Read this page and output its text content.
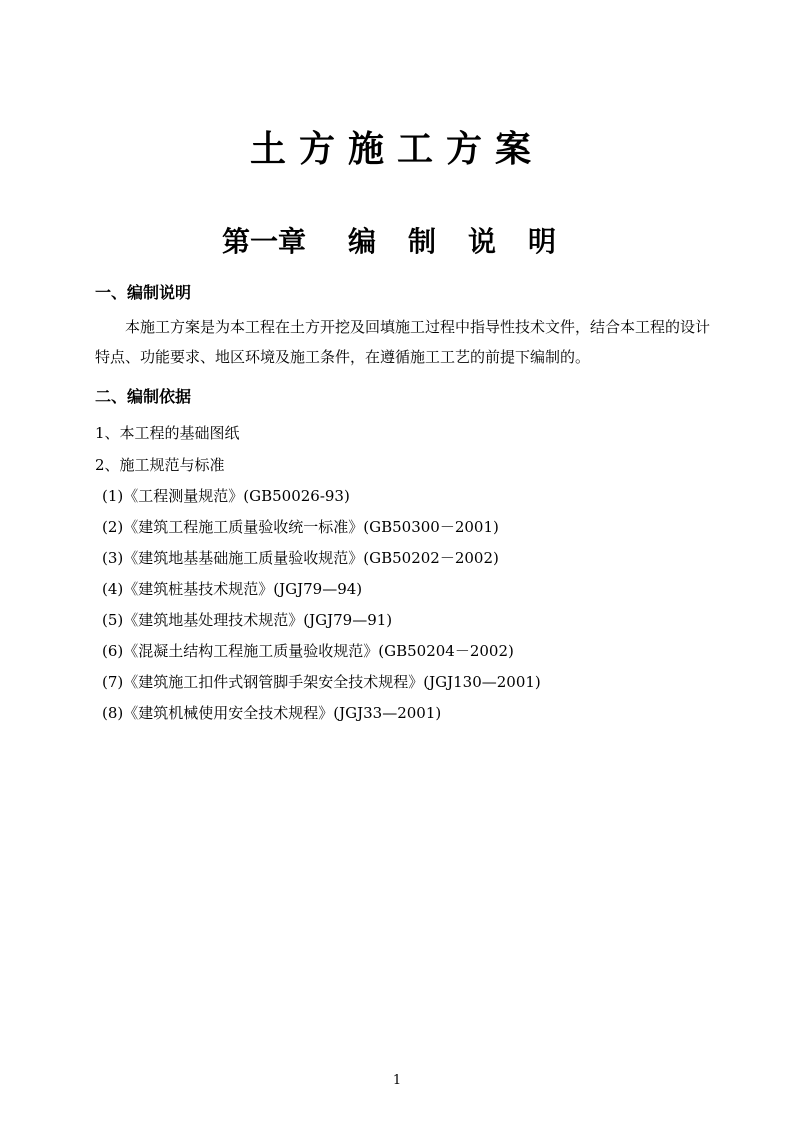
土方施工方案
第一章 编 制 说 明
一、编制说明
本施工方案是为本工程在土方开挖及回填施工过程中指导性技术文件，结合本工程的设计
特点、功能要求、地区环境及施工条件，在遵循施工工艺的前提下编制的。
二、编制依据
1、本工程的基础图纸
2、施工规范与标准
(1)《工程测量规范》(GB50026-93)
(2)《建筑工程施工质量验收统一标准》(GB50300－2001)
(3)《建筑地基基础施工质量验收规范》(GB50202－2002)
(4)《建筑桩基技术规范》(JGJ79—94)
(5)《建筑地基处理技术规范》(JGJ79—91)
(6)《混凝土结构工程施工质量验收规范》(GB50204－2002)
(7)《建筑施工扣件式钢管脚手架安全技术规程》(JGJ130—2001)
(8)《建筑机械使用安全技术规程》(JGJ33—2001)
1
